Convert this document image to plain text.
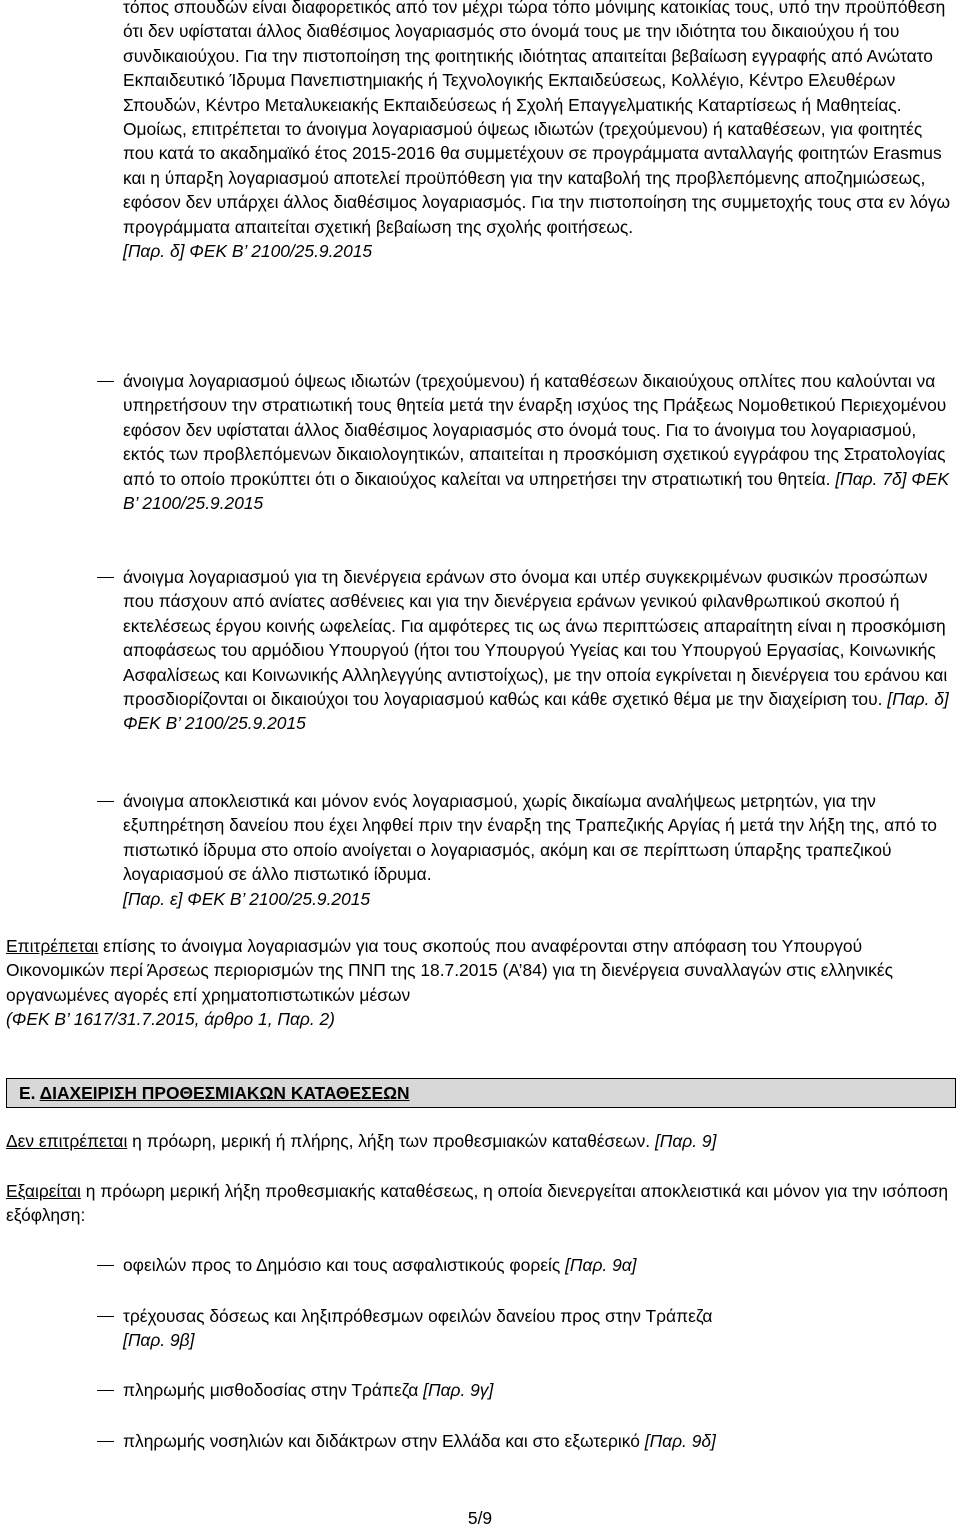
τόπος σπουδών είναι διαφορετικός από τον μέχρι τώρα τόπο μόνιμης κατοικίας τους, υπό την προϋπόθεση ότι δεν υφίσταται άλλος διαθέσιμος λογαριασμός στο όνομά τους με την ιδιότητα του δικαιούχου ή του συνδικαιούχου. Για την πιστοποίηση της φοιτητικής ιδιότητας απαιτείται βεβαίωση εγγραφής από Ανώτατο Εκπαιδευτικό Ίδρυμα Πανεπιστημιακής ή Τεχνολογικής Εκπαιδεύσεως, Κολλέγιο, Κέντρο Ελευθέρων Σπουδών, Κέντρο Μεταλυκειακής Εκπαιδεύσεως ή Σχολή Επαγγελματικής Καταρτίσεως ή Μαθητείας.
Ομοίως, επιτρέπεται το άνοιγμα λογαριασμού όψεως ιδιωτών (τρεχούμενου) ή καταθέσεων, για φοιτητές που κατά το ακαδημαϊκό έτος 2015-2016 θα συμμετέχουν σε προγράμματα ανταλλαγής φοιτητών Erasmus και η ύπαρξη λογαριασμού αποτελεί προϋπόθεση για την καταβολή της προβλεπόμενης αποζημιώσεως, εφόσον δεν υπάρχει άλλος διαθέσιμος λογαριασμός. Για την πιστοποίηση της συμμετοχής τους στα εν λόγω προγράμματα απαιτείται σχετική βεβαίωση της σχολής φοιτήσεως.
[Παρ. δ] ΦΕΚ Β’ 2100/25.9.2015
άνοιγμα λογαριασμού όψεως ιδιωτών (τρεχούμενου) ή καταθέσεων δικαιούχους οπλίτες που καλούνται να υπηρετήσουν την στρατιωτική τους θητεία μετά την έναρξη ισχύος της Πράξεως Νομοθετικού Περιεχομένου εφόσον δεν υφίσταται άλλος διαθέσιμος λογαριασμός στο όνομά τους. Για το άνοιγμα του λογαριασμού, εκτός των προβλεπόμενων δικαιολογητικών, απαιτείται η προσκόμιση σχετικού εγγράφου της Στρατολογίας από το οποίο προκύπτει ότι ο δικαιούχος καλείται να υπηρετήσει την στρατιωτική του θητεία. [Παρ. 7δ] ΦΕΚ Β’ 2100/25.9.2015
άνοιγμα λογαριασμού για τη διενέργεια εράνων στο όνομα και υπέρ συγκεκριμένων φυσικών προσώπων που πάσχουν από ανίατες ασθένειες και για την διενέργεια εράνων γενικού φιλανθρωπικού σκοπού ή εκτελέσεως έργου κοινής ωφελείας. Για αμφότερες τις ως άνω περιπτώσεις απαραίτητη είναι η προσκόμιση αποφάσεως του αρμόδιου Υπουργού (ήτοι του Υπουργού Υγείας και του Υπουργού Εργασίας, Κοινωνικής Ασφαλίσεως και Κοινωνικής Αλληλεγγύης αντιστοίχως), με την οποία εγκρίνεται η διενέργεια του εράνου και προσδιορίζονται οι δικαιούχοι του λογαριασμού καθώς και κάθε σχετικό θέμα με την διαχείριση του. [Παρ. δ] ΦΕΚ Β’ 2100/25.9.2015
άνοιγμα αποκλειστικά και μόνον ενός λογαριασμού, χωρίς δικαίωμα αναλήψεως μετρητών, για την εξυπηρέτηση δανείου που έχει ληφθεί πριν την έναρξη της Τραπεζικής Αργίας ή μετά την λήξη της, από το πιστωτικό ίδρυμα στο οποίο ανοίγεται ο λογαριασμός, ακόμη και σε περίπτωση ύπαρξης τραπεζικού λογαριασμού σε άλλο πιστωτικό ίδρυμα.
[Παρ. ε] ΦΕΚ Β’ 2100/25.9.2015
Επιτρέπεται επίσης το άνοιγμα λογαριασμών για τους σκοπούς που αναφέρονται στην απόφαση του Υπουργού Οικονομικών περί Άρσεως περιορισμών της ΠΝΠ της 18.7.2015 (Α’84) για τη διενέργεια συναλλαγών στις ελληνικές οργανωμένες αγορές επί χρηματοπιστωτικών μέσων
(ΦΕΚ Β’ 1617/31.7.2015, άρθρο 1, Παρ. 2)
Ε. ΔΙΑΧΕΙΡΙΣΗ ΠΡΟΘΕΣΜΙΑΚΩΝ ΚΑΤΑΘΕΣΕΩΝ
Δεν επιτρέπεται η πρόωρη, μερική ή πλήρης, λήξη των προθεσμιακών καταθέσεων. [Παρ. 9]
Εξαιρείται η πρόωρη μερική λήξη προθεσμιακής καταθέσεως, η οποία διενεργείται αποκλειστικά και μόνον για την ισόποση εξόφληση:
οφειλών προς το Δημόσιο και τους ασφαλιστικούς φορείς [Παρ. 9α]
τρέχουσας δόσεως και ληξιπρόθεσμων οφειλών δανείου προς στην Τράπεζα
[Παρ. 9β]
πληρωμής μισθοδοσίας στην Τράπεζα [Παρ. 9γ]
πληρωμής νοσηλιών και διδάκτρων στην Ελλάδα και στο εξωτερικό [Παρ. 9δ]
5/9
